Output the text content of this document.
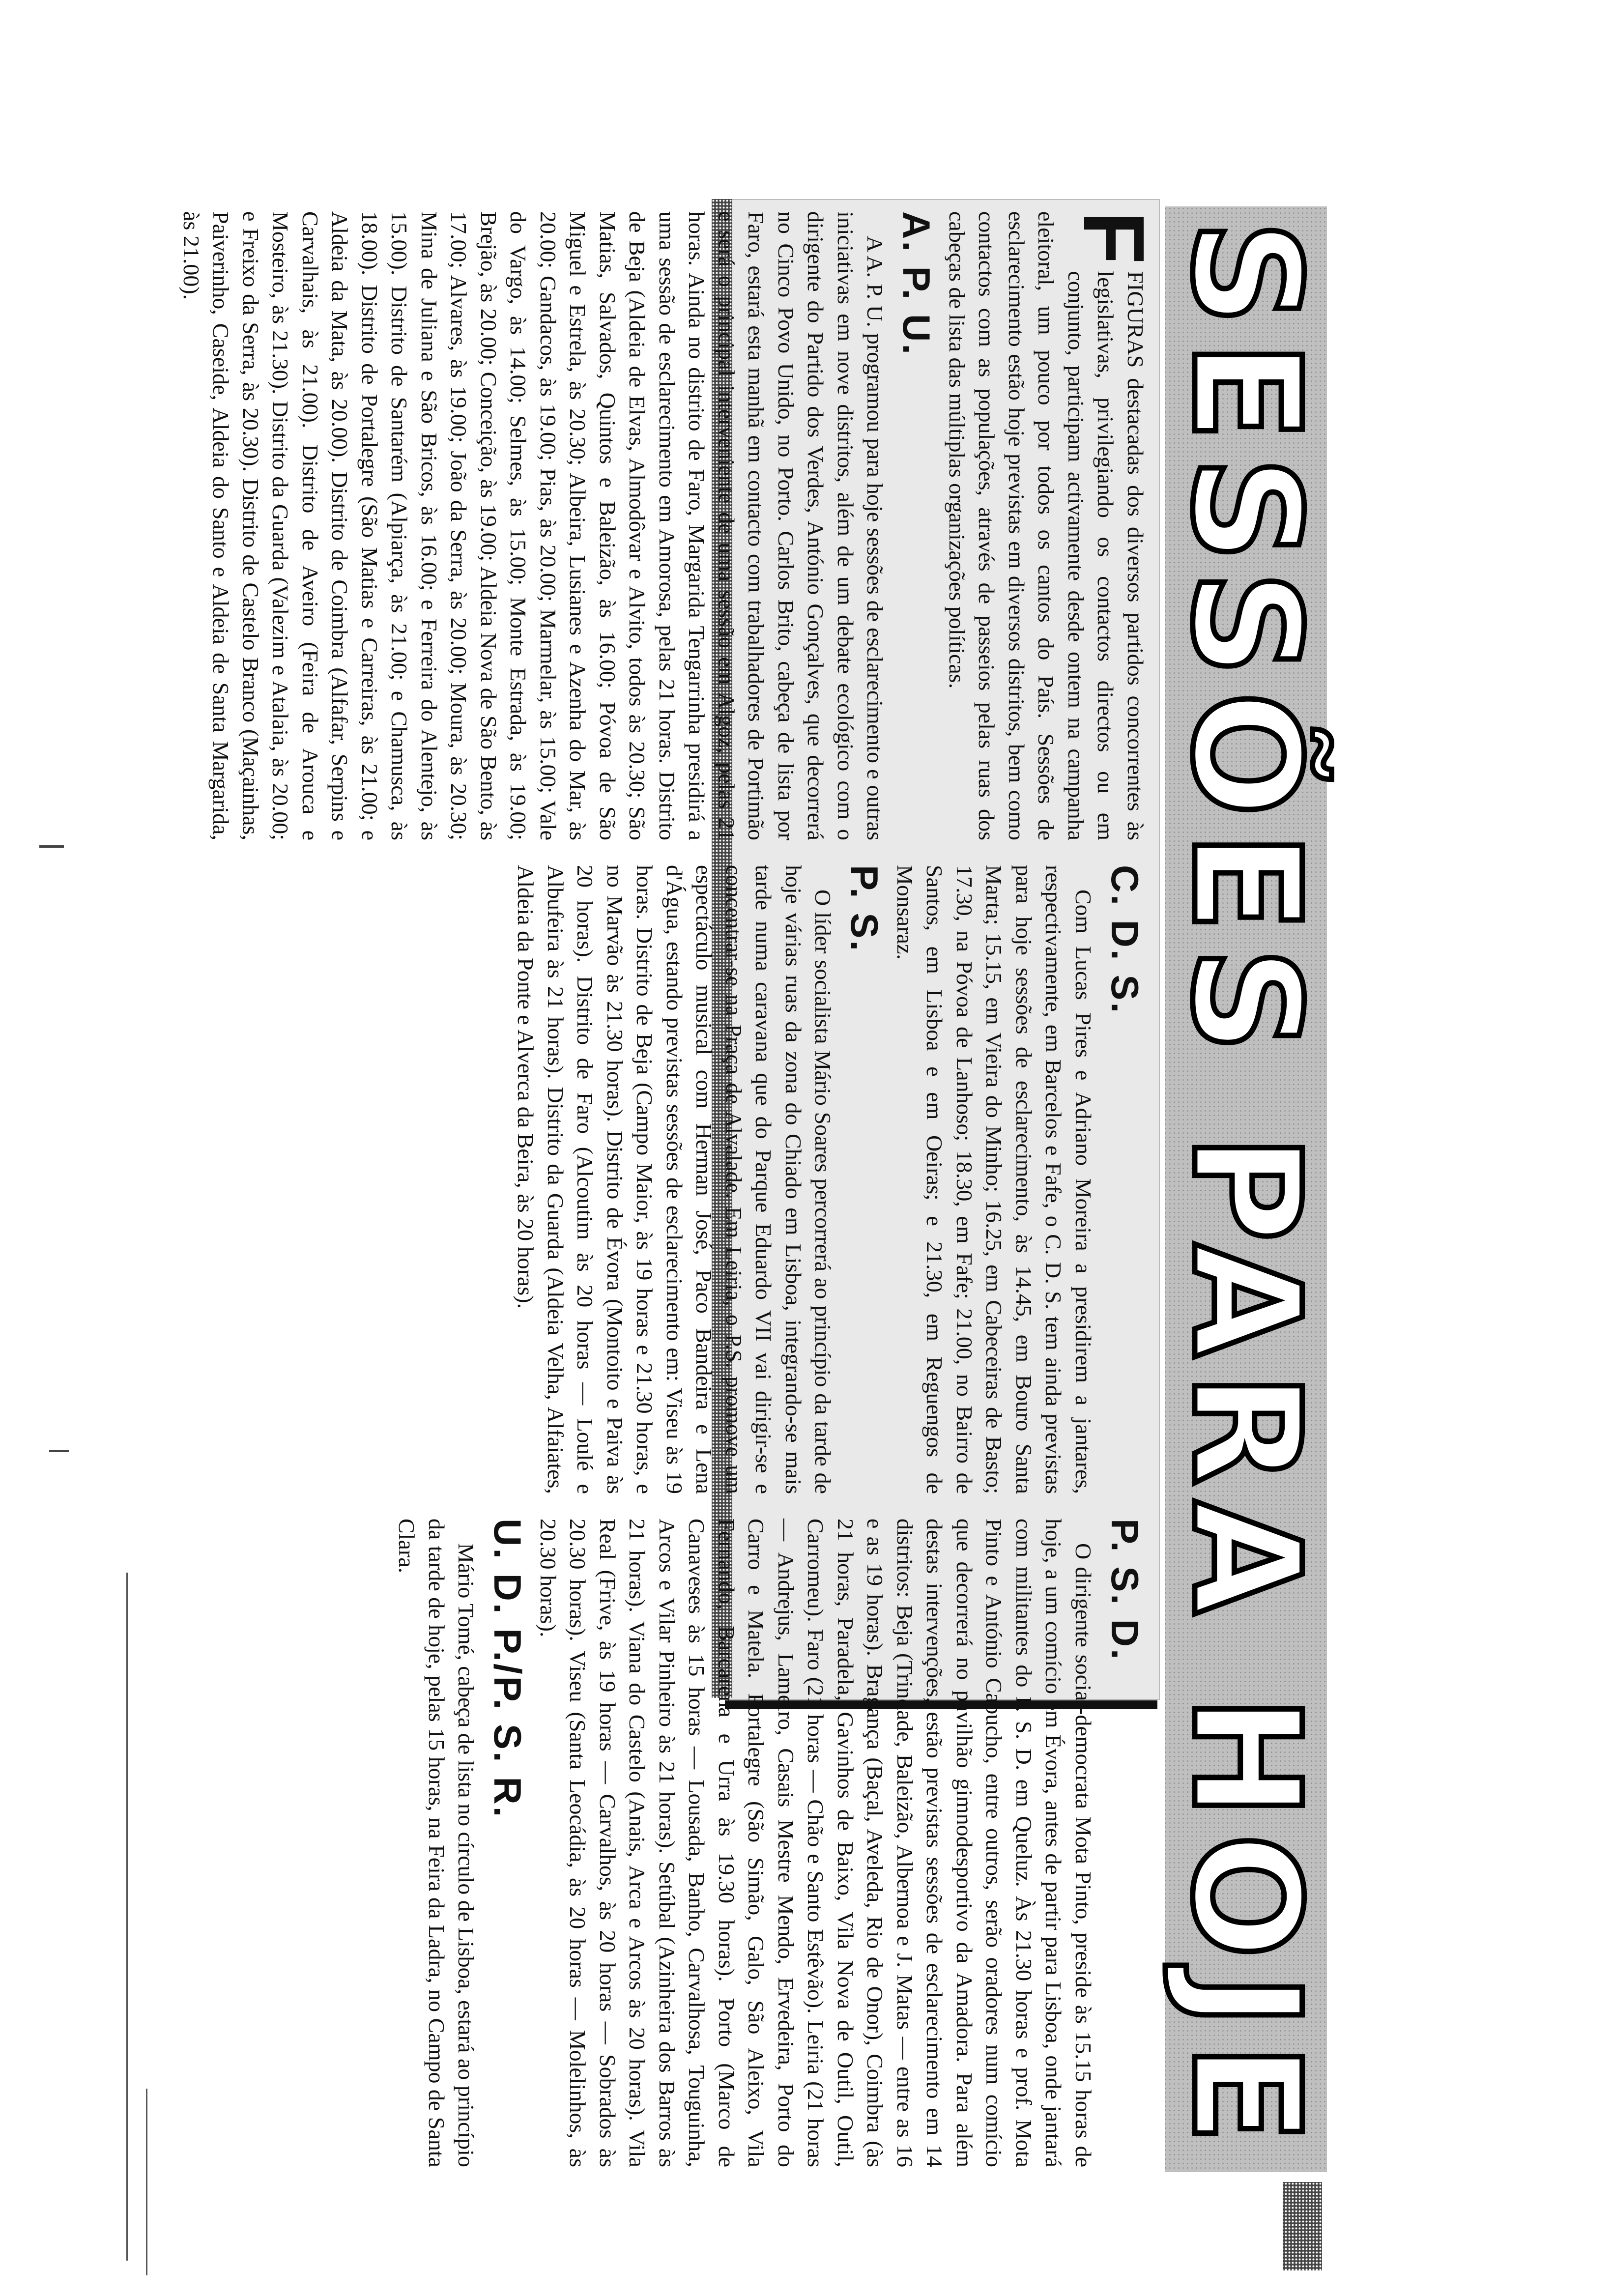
SESSÕES PARA HOJE

F
FIGURAS destacadas dos diversos partidos concorrentes às legislativas, privilegiando os contactos directos ou em conjunto, participam activamente desde ontem na campanha eleitoral, um pouco por todos os cantos do País. Sessões de esclarecimento estão hoje previstas em diversos distritos, bem como contactos com as populações, através de passeios pelas ruas dos cabeças de lista das múltiplas organizações políticas.

A. P. U.

A A. P. U. programou para hoje sessões de esclarecimento e outras iniciativas em nove distritos, além de um debate ecológico com o dirigente do Partido dos Verdes, António Gonçalves, que decorrerá no Cinco Povo Unido, no Porto. Carlos Brito, cabeça de lista por Faro, estará esta manhã em contacto com trabalhadores de Portimão e será o principal interveniente de uma sessão em Algoz, pelas 21 horas. Ainda no distrito de Faro, Margarida Tengarrinha presidirá a uma sessão de esclarecimento em Amorosa, pelas 21 horas. Distrito de Beja (Aldeia de Elvas, Almodôvar e Alvito, todos às 20.30; São Matias, Salvados, Quintos e Baleizão, às 16.00; Póvoa de São Miguel e Estrela, às 20.30; Albeira, Lusianes e Azenha do Mar, às 20.00; Gandacos, às 19.00; Pias, às 20.00; Marmelar, às 15.00; Vale do Vargo, às 14.00; Selmes, às 15.00; Monte Estrada, às 19.00; Brejão, às 20.00; Conceição, às 19.00; Aldeia Nova de São Bento, às 17.00; Alvares, às 19.00; João da Serra, às 20.00; Moura, às 20.30; Mina de Juliana e São Bricos, às 16.00; e Ferreira do Alentejo, às 15.00). Distrito de Santarém (Alpiarça, às 21.00; e Chamusca, às 18.00). Distrito de Portalegre (São Matias e Carreiras, às 21.00; e Aldeia da Mata, às 20.00). Distrito de Coimbra (Alfafar, Serpins e Carvalhais, às 21.00). Distrito de Aveiro (Feira de Arouca e Mosteiro, às 21.30). Distrito da Guarda (Valezim e Atalaia, às 20.00; e Freixo da Serra, às 20.30). Distrito de Castelo Branco (Maçainhas, Paiverinho, Caseide, Aldeia do Santo e Aldeia de Santa Margarida, às 21.00).

C. D. S.

Com Lucas Pires e Adriano Moreira a presidirem a jantares, respectivamente, em Barcelos e Fafe, o C. D. S. tem ainda previstas para hoje sessões de esclarecimento, às 14.45, em Bouro Santa Marta; 15.15, em Vieira do Minho; 16.25, em Cabeceiras de Basto; 17.30, na Póvoa de Lanhoso; 18.30, em Fafe; 21.00, no Bairro de Santos, em Lisboa e em Oeiras; e 21.30, em Reguengos de Monsaraz.

P. S.

O líder socialista Mário Soares percorrerá ao princípio da tarde de hoje várias ruas da zona do Chiado em Lisboa, integrando-se mais tarde numa caravana que do Parque Eduardo VII vai dirigir-se e concentrar-se na Praça de Alvalade. Em Leiria, o P.S. promove um espectáculo musical com Herman José, Paco Bandeira e Lena d'Água, estando previstas sessões de esclarecimento em: Viseu às 19 horas. Distrito de Beja (Campo Maior, às 19 horas e 21.30 horas, e no Marvão às 21.30 horas). Distrito de Évora (Montoito e Paiva às 20 horas). Distrito de Faro (Alcoutim às 20 horas — Loulé e Albufeira às 21 horas). Distrito da Guarda (Aldeia Velha, Alfaiates, Aldeia da Ponte e Alverca da Beira, às 20 horas).

P. S. D.

O dirigente social-democrata Mota Pinto, preside às 15.15 horas de hoje, a um comício em Évora, antes de partir para Lisboa, onde jantará com militantes do P. S. D. em Queluz. Às 21.30 horas e prof. Mota Pinto e António Capucho, entre outros, serão oradores num comício que decorrerá no pavilhão gimnodesportivo da Amadora. Para além destas intervenções, estão previstas sessões de esclarecimento em 14 distritos: Beja (Trindade, Baleizão, Albernoa e J. Matas — entre as 16 e as 19 horas). Bragança (Baçal, Aveleda, Rio de Onor), Coimbra (às 21 horas, Paradela, Gavinhos de Baixo, Vila Nova de Outil, Outil, Carromeu). Faro (21 horas — Chão e Santo Estêvão). Leiria (21 horas — Andrejus, Lameiro, Casais Mestre Mendo, Ervedeira, Porto do Carro e Matela. Portalegre (São Simão, Galo, São Aleixo, Vila Fernando, Barcarena e Urra às 19.30 horas). Porto (Marco de Canaveses às 15 horas — Lousada, Banho, Carvalhosa, Touguinha, Arcos e Vilar Pinheiro às 21 horas). Setúbal (Azinheira dos Barros às 21 horas). Viana do Castelo (Anais, Arca e Arcos às 20 horas). Vila Real (Frive, às 19 horas — Carvalhos, às 20 horas — Sobrados às 20.30 horas). Viseu (Santa Leocádia, às 20 horas — Molelinhos, às 20.30 horas).

U. D. P./P. S. R.

Mário Tomé, cabeça de lista no círculo de Lisboa, estará ao princípio da tarde de hoje, pelas 15 horas, na Feira da Ladra, no Campo de Santa Clara.
